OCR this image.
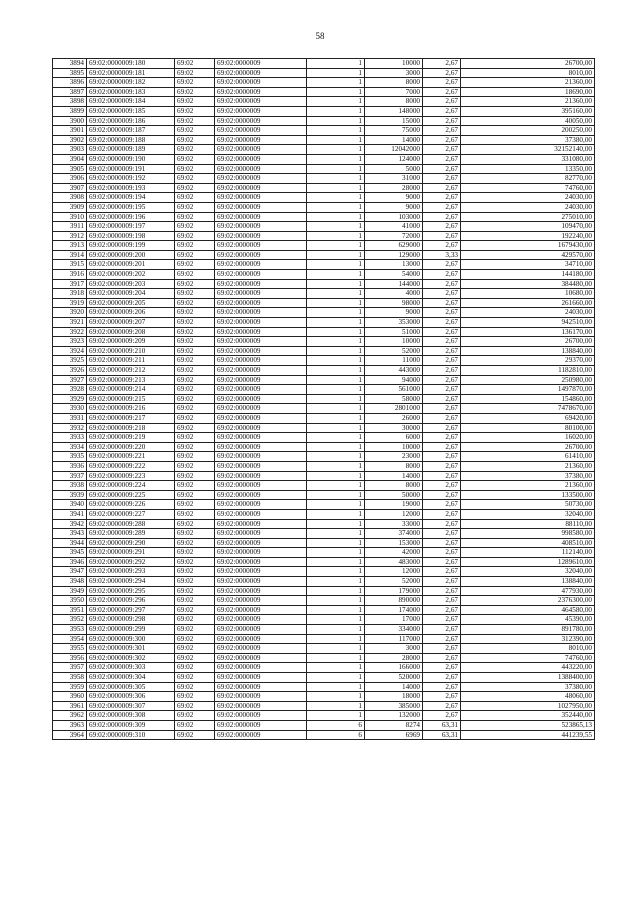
58
3894	69:02:0000009:180	69:02	69:02:0000009	1	10000	2,67	26700,00
3895	69:02:0000009:181	69:02	69:02:0000009	1	3000	2,67	8010,00
3896	69:02:0000009:182	69:02	69:02:0000009	1	8000	2,67	21360,00
3897	69:02:0000009:183	69:02	69:02:0000009	1	7000	2,67	18690,00
3898	69:02:0000009:184	69:02	69:02:0000009	1	8000	2,67	21360,00
3899	69:02:0000009:185	69:02	69:02:0000009	1	148000	2,67	395160,00
3900	69:02:0000009:186	69:02	69:02:0000009	1	15000	2,67	40050,00
3901	69:02:0000009:187	69:02	69:02:0000009	1	75000	2,67	200250,00
3902	69:02:0000009:188	69:02	69:02:0000009	1	14000	2,67	37380,00
3903	69:02:0000009:189	69:02	69:02:0000009	1	12042000	2,67	32152140,00
3904	69:02:0000009:190	69:02	69:02:0000009	1	124000	2,67	331080,00
3905	69:02:0000009:191	69:02	69:02:0000009	1	5000	2,67	13350,00
3906	69:02:0000009:192	69:02	69:02:0000009	1	31000	2,67	82770,00
3907	69:02:0000009:193	69:02	69:02:0000009	1	28000	2,67	74760,00
3908	69:02:0000009:194	69:02	69:02:0000009	1	9000	2,67	24030,00
3909	69:02:0000009:195	69:02	69:02:0000009	1	9000	2,67	24030,00
3910	69:02:0000009:196	69:02	69:02:0000009	1	103000	2,67	275010,00
3911	69:02:0000009:197	69:02	69:02:0000009	1	41000	2,67	109470,00
3912	69:02:0000009:198	69:02	69:02:0000009	1	72000	2,67	192240,00
3913	69:02:0000009:199	69:02	69:02:0000009	1	629000	2,67	1679430,00
3914	69:02:0000009:200	69:02	69:02:0000009	1	129000	3,33	429570,00
3915	69:02:0000009:201	69:02	69:02:0000009	1	13000	2,67	34710,00
3916	69:02:0000009:202	69:02	69:02:0000009	1	54000	2,67	144180,00
3917	69:02:0000009:203	69:02	69:02:0000009	1	144000	2,67	384480,00
3918	69:02:0000009:204	69:02	69:02:0000009	1	4000	2,67	10680,00
3919	69:02:0000009:205	69:02	69:02:0000009	1	98000	2,67	261660,00
3920	69:02:0000009:206	69:02	69:02:0000009	1	9000	2,67	24030,00
3921	69:02:0000009:207	69:02	69:02:0000009	1	353000	2,67	942510,00
3922	69:02:0000009:208	69:02	69:02:0000009	1	51000	2,67	136170,00
3923	69:02:0000009:209	69:02	69:02:0000009	1	10000	2,67	26700,00
3924	69:02:0000009:210	69:02	69:02:0000009	1	52000	2,67	138840,00
3925	69:02:0000009:211	69:02	69:02:0000009	1	11000	2,67	29370,00
3926	69:02:0000009:212	69:02	69:02:0000009	1	443000	2,67	1182810,00
3927	69:02:0000009:213	69:02	69:02:0000009	1	94000	2,67	250980,00
3928	69:02:0000009:214	69:02	69:02:0000009	1	561000	2,67	1497870,00
3929	69:02:0000009:215	69:02	69:02:0000009	1	58000	2,67	154860,00
3930	69:02:0000009:216	69:02	69:02:0000009	1	2801000	2,67	7478670,00
3931	69:02:0000009:217	69:02	69:02:0000009	1	26000	2,67	69420,00
3932	69:02:0000009:218	69:02	69:02:0000009	1	30000	2,67	80100,00
3933	69:02:0000009:219	69:02	69:02:0000009	1	6000	2,67	16020,00
3934	69:02:0000009:220	69:02	69:02:0000009	1	10000	2,67	26700,00
3935	69:02:0000009:221	69:02	69:02:0000009	1	23000	2,67	61410,00
3936	69:02:0000009:222	69:02	69:02:0000009	1	8000	2,67	21360,00
3937	69:02:0000009:223	69:02	69:02:0000009	1	14000	2,67	37380,00
3938	69:02:0000009:224	69:02	69:02:0000009	1	8000	2,67	21360,00
3939	69:02:0000009:225	69:02	69:02:0000009	1	50000	2,67	133500,00
3940	69:02:0000009:226	69:02	69:02:0000009	1	19000	2,67	50730,00
3941	69:02:0000009:227	69:02	69:02:0000009	1	12000	2,67	32040,00
3942	69:02:0000009:288	69:02	69:02:0000009	1	33000	2,67	88110,00
3943	69:02:0000009:289	69:02	69:02:0000009	1	374000	2,67	998580,00
3944	69:02:0000009:290	69:02	69:02:0000009	1	153000	2,67	408510,00
3945	69:02:0000009:291	69:02	69:02:0000009	1	42000	2,67	112140,00
3946	69:02:0000009:292	69:02	69:02:0000009	1	483000	2,67	1289610,00
3947	69:02:0000009:293	69:02	69:02:0000009	1	12000	2,67	32040,00
3948	69:02:0000009:294	69:02	69:02:0000009	1	52000	2,67	138840,00
3949	69:02:0000009:295	69:02	69:02:0000009	1	179000	2,67	477930,00
3950	69:02:0000009:296	69:02	69:02:0000009	1	890000	2,67	2376300,00
3951	69:02:0000009:297	69:02	69:02:0000009	1	174000	2,67	464580,00
3952	69:02:0000009:298	69:02	69:02:0000009	1	17000	2,67	45390,00
3953	69:02:0000009:299	69:02	69:02:0000009	1	334000	2,67	891780,00
3954	69:02:0000009:300	69:02	69:02:0000009	1	117000	2,67	312390,00
3955	69:02:0000009:301	69:02	69:02:0000009	1	3000	2,67	8010,00
3956	69:02:0000009:302	69:02	69:02:0000009	1	28000	2,67	74760,00
3957	69:02:0000009:303	69:02	69:02:0000009	1	166000	2,67	443220,00
3958	69:02:0000009:304	69:02	69:02:0000009	1	520000	2,67	1388400,00
3959	69:02:0000009:305	69:02	69:02:0000009	1	14000	2,67	37380,00
3960	69:02:0000009:306	69:02	69:02:0000009	1	18000	2,67	48060,00
3961	69:02:0000009:307	69:02	69:02:0000009	1	385000	2,67	1027950,00
3962	69:02:0000009:308	69:02	69:02:0000009	1	132000	2,67	352440,00
3963	69:02:0000009:309	69:02	69:02:0000009	6	8274	63,31	523865,13
3964	69:02:0000009:310	69:02	69:02:0000009	6	6969	63,31	441239,55
